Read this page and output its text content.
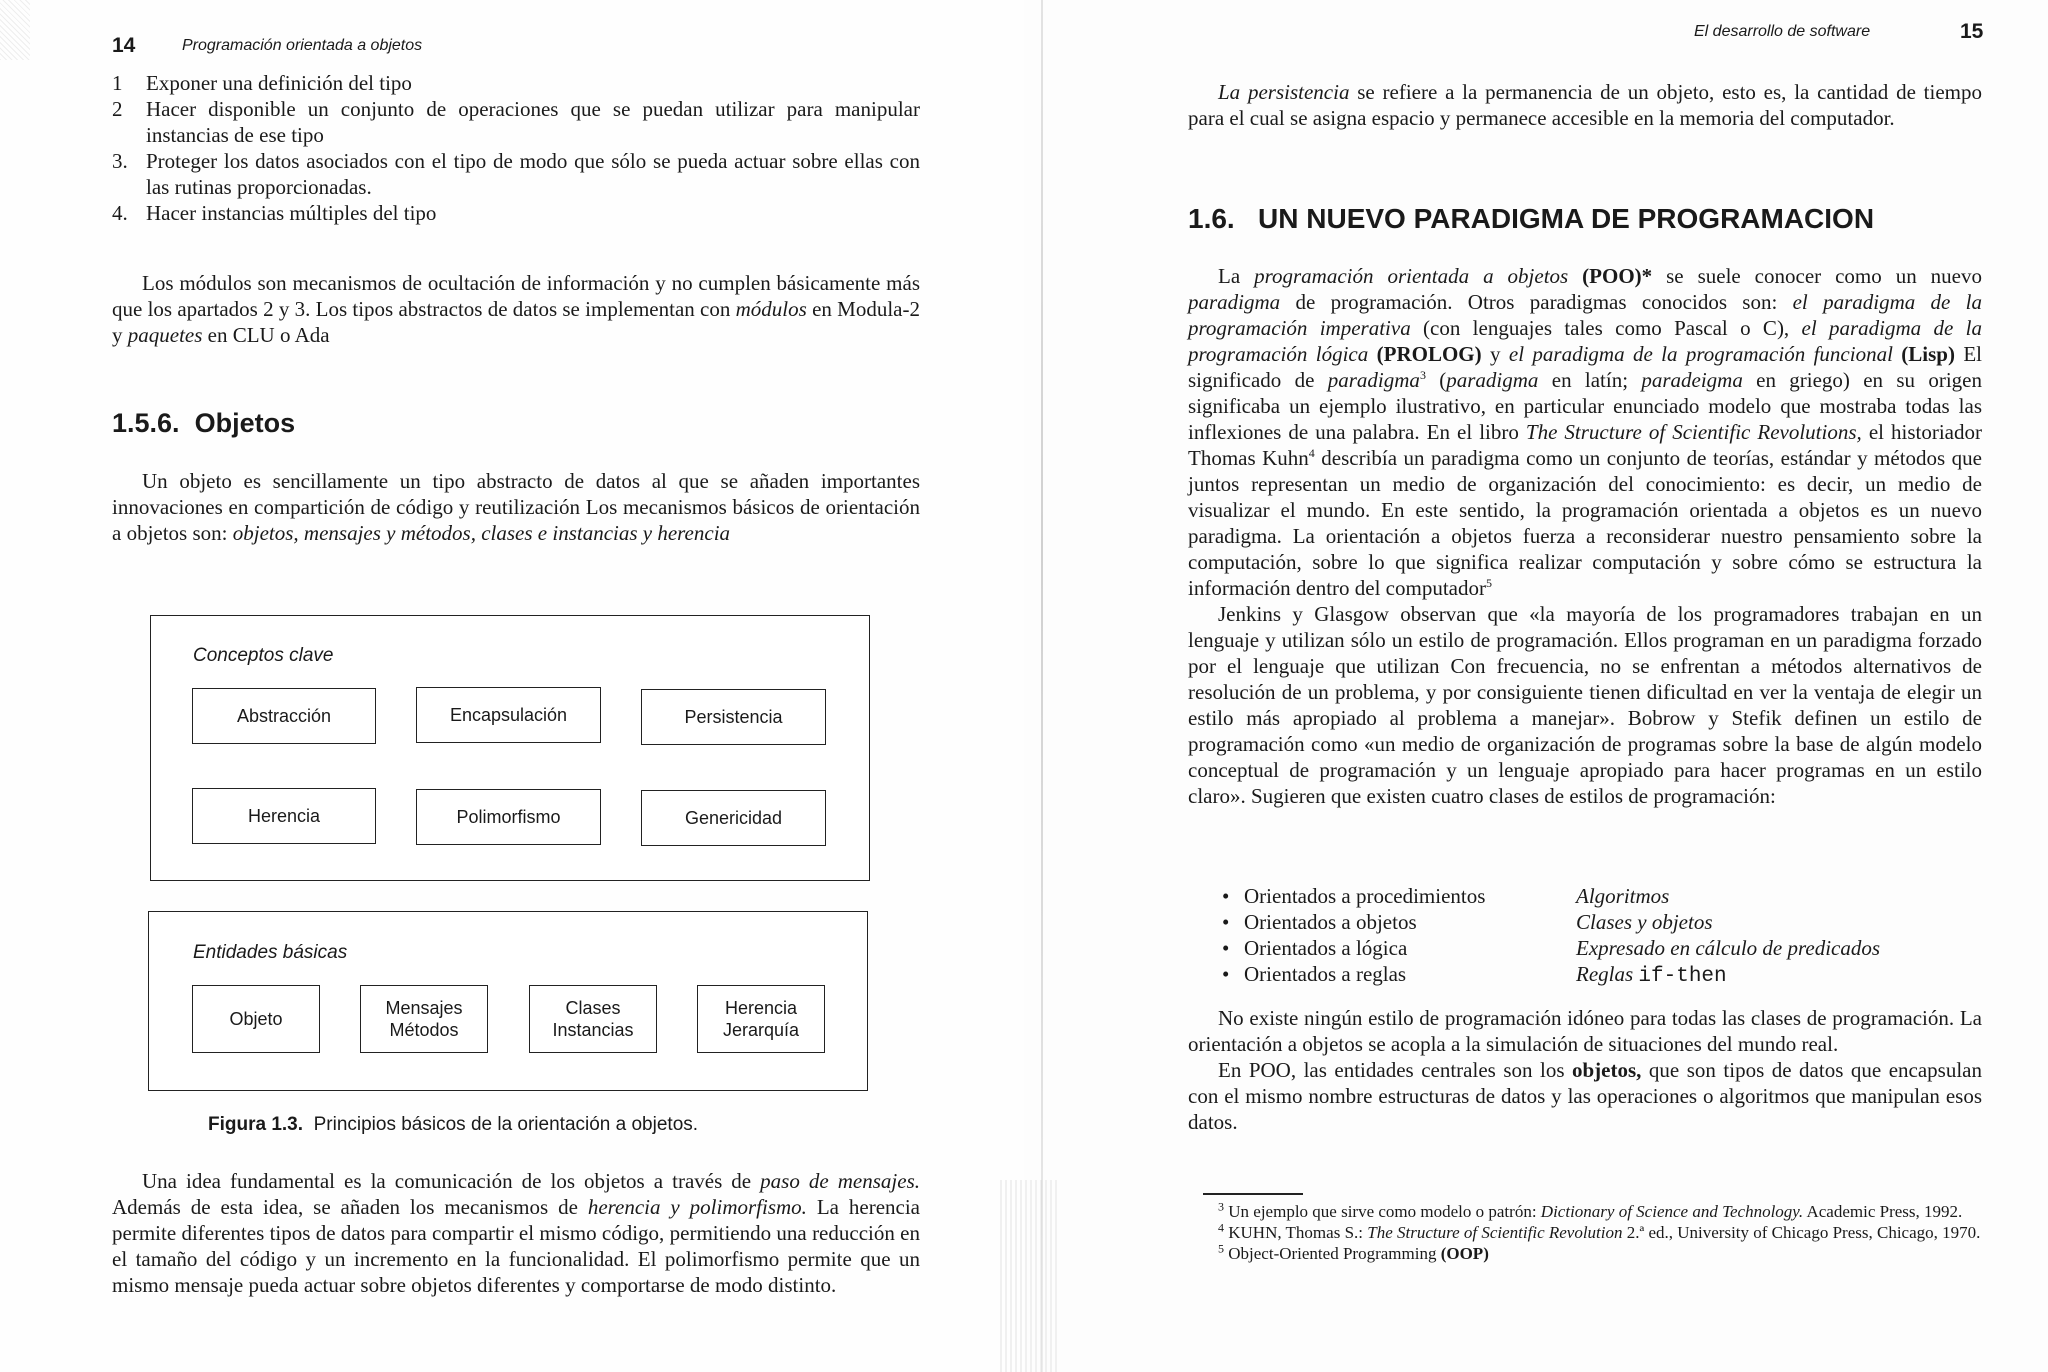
14	Programación orientada a objetos
1	Exponer una definición del tipo
2	Hacer disponible un conjunto de operaciones que se puedan utilizar para manipular instancias de ese tipo
3. Proteger los datos asociados con el tipo de modo que sólo se pueda actuar sobre ellas con las rutinas proporcionadas.
4. Hacer instancias múltiples del tipo

Los módulos son mecanismos de ocultación de información y no cumplen básicamente más que los apartados 2 y 3. Los tipos abstractos de datos se implementan con módulos en Modula-2 y paquetes en CLU o Ada

1.5.6. Objetos

Un objeto es sencillamente un tipo abstracto de datos al que se añaden importantes innovaciones en compartición de código y reutilización Los mecanismos básicos de orientación a objetos son: objetos, mensajes y métodos, clases e instancias y herencia

Conceptos clave
Abstracción	Encapsulación	Persistencia
Herencia	Polimorfismo	Genericidad
Entidades básicas
Objeto
Mensajes
Métodos
Clases
Instancias
Herencia
Jerarquía
Figura 1.3. Principios básicos de la orientación a objetos.

Una idea fundamental es la comunicación de los objetos a través de paso de mensajes. Además de esta idea, se añaden los mecanismos de herencia y polimorfismo. La herencia permite diferentes tipos de datos para compartir el mismo código, permitiendo una reducción en el tamaño del código y un incremento en la funcionalidad. El polimorfismo permite que un mismo mensaje pueda actuar sobre objetos diferentes y comportarse de modo distinto.

El desarrollo de software	15

La persistencia se refiere a la permanencia de un objeto, esto es, la cantidad de tiempo para el cual se asigna espacio y permanece accesible en la memoria del computador.

1.6. UN NUEVO PARADIGMA DE PROGRAMACION

La programación orientada a objetos (POO)* se suele conocer como un nuevo paradigma de programación. Otros paradigmas conocidos son: el paradigma de la programación imperativa (con lenguajes tales como Pascal o C), el paradigma de la programación lógica (PROLOG) y el paradigma de la programación funcional (Lisp) El significado de paradigma$^3$ (paradigma en latín; paradeigma en griego) en su origen significaba un ejemplo ilustrativo, en particular enunciado modelo que mostraba todas las inflexiones de una palabra. En el libro The Structure of Scientific Revolutions, el historiador Thomas Kuhn$^4$ describía un paradigma como un conjunto de teorías, estándar y métodos que juntos representan un medio de organización del conocimiento: es decir, un medio de visualizar el mundo. En este sentido, la programación orientada a objetos es un nuevo paradigma. La orientación a objetos fuerza a reconsiderar nuestro pensamiento sobre la computación, sobre lo que significa realizar computación y sobre cómo se estructura la información dentro del computador$^5$

Jenkins y Glasgow observan que «la mayoría de los programadores trabajan en un lenguaje y utilizan sólo un estilo de programación. Ellos programan en un paradigma forzado por el lenguaje que utilizan Con frecuencia, no se enfrentan a métodos alternativos de resolución de un problema, y por consiguiente tienen dificultad en ver la ventaja de elegir un estilo más apropiado al problema a manejar». Bobrow y Stefik definen un estilo de programación como «un medio de organización de programas sobre la base de algún modelo conceptual de programación y un lenguaje apropiado para hacer programas en un estilo claro». Sugieren que existen cuatro clases de estilos de programación:

• Orientados a procedimientos	Algoritmos
• Orientados a objetos	Clases y objetos
• Orientados a lógica	Expresado en cálculo de predicados
• Orientados a reglas	Reglas if-then

No existe ningún estilo de programación idóneo para todas las clases de programación. La orientación a objetos se acopla a la simulación de situaciones del mundo real.

En POO, las entidades centrales son los objetos, que son tipos de datos que encapsulan con el mismo nombre estructuras de datos y las operaciones o algoritmos que manipulan esos datos.

$^3$ Un ejemplo que sirve como modelo o patrón: Dictionary of Science and Technology. Academic Press, 1992.

$^4$ KUHN, Thomas S.: The Structure of Scientific Revolution 2.ª ed., University of Chicago Press, Chicago, 1970.

$^5$ Object-Oriented Programming (OOP)
